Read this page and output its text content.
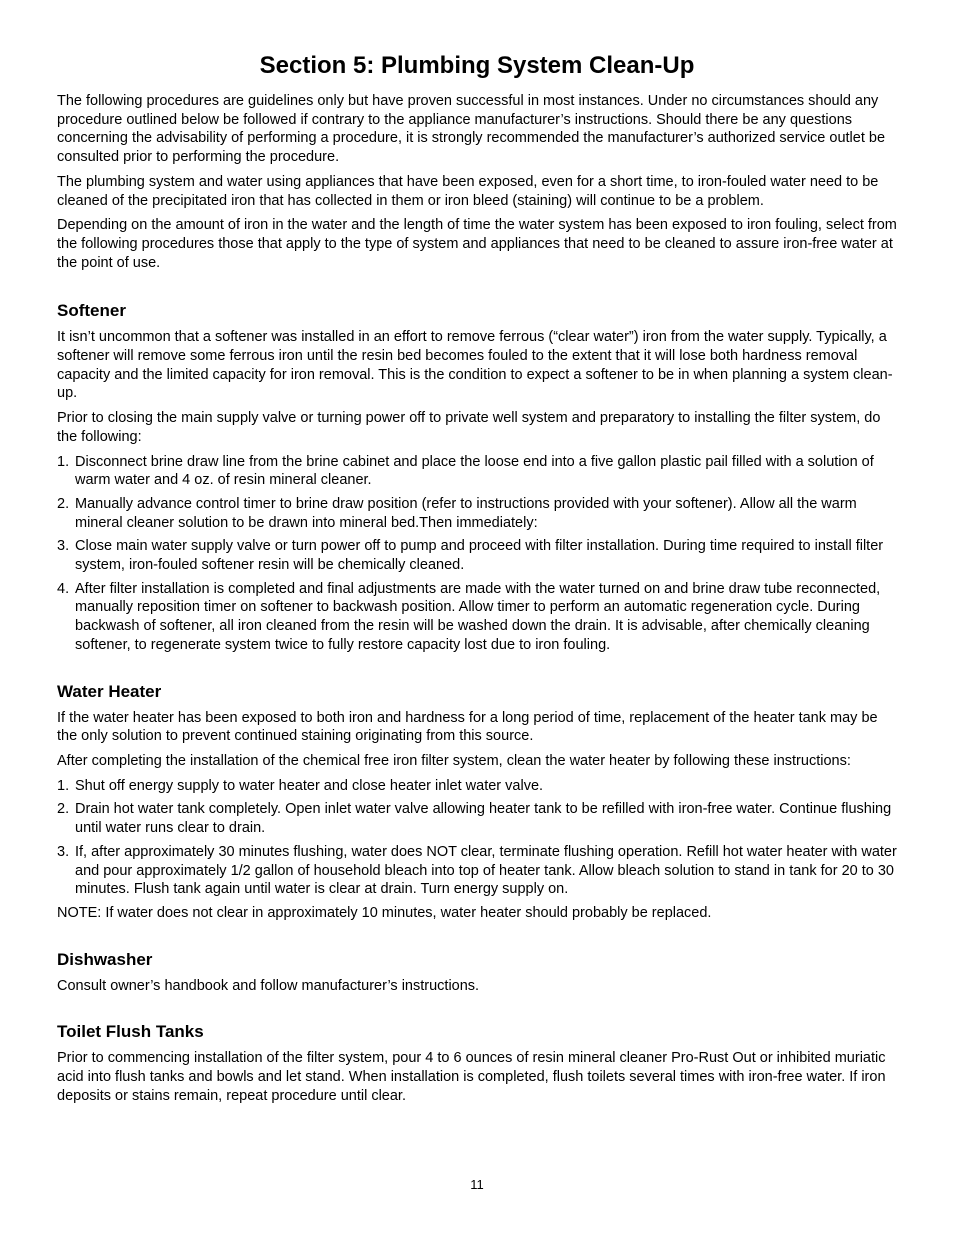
Section 5: Plumbing System Clean-Up

The following procedures are guidelines only but have proven successful in most instances. Under no circumstances should any procedure outlined below be followed if contrary to the appliance manufacturer’s instructions. Should there be any questions concerning the advisability of performing a procedure, it is strongly recommended the manufacturer’s authorized service outlet be consulted prior to performing the procedure.

The plumbing system and water using appliances that have been exposed, even for a short time, to iron-fouled water need to be cleaned of the precipitated iron that has collected in them or iron bleed (staining) will continue to be a problem.

Depending on the amount of iron in the water and the length of time the water system has been exposed to iron fouling, select from the following procedures those that apply to the type of system and appliances that need to be cleaned to assure iron-free water at the point of use.

Softener

It isn’t uncommon that a softener was installed in an effort to remove ferrous (“clear water”) iron from the water supply. Typically, a softener will remove some ferrous iron until the resin bed becomes fouled to the extent that it will lose both hardness removal capacity and the limited capacity for iron removal. This is the condition to expect a softener to be in when planning a system clean-up.

Prior to closing the main supply valve or turning power off to private well system and preparatory to installing the filter system, do the following:

1. Disconnect brine draw line from the brine cabinet and place the loose end into a five gallon plastic pail filled with a solution of warm water and 4 oz. of resin mineral cleaner.
2. Manually advance control timer to brine draw position (refer to instructions provided with your softener). Allow all the warm mineral cleaner solution to be drawn into mineral bed.Then immediately:
3. Close main water supply valve or turn power off to pump and proceed with filter installation. During time required to install filter system, iron-fouled softener resin will be chemically cleaned.
4. After filter installation is completed and final adjustments are made with the water turned on and brine draw tube reconnected, manually reposition timer on softener to backwash position. Allow timer to perform an automatic regeneration cycle. During backwash of softener, all iron cleaned from the resin will be washed down the drain. It is advisable, after chemically cleaning softener, to regenerate system twice to fully restore capacity lost due to iron fouling.
Water Heater

If the water heater has been exposed to both iron and hardness for a long period of time, replacement of the heater tank may be the only solution to prevent continued staining originating from this source.

After completing the installation of the chemical free iron filter system, clean the water heater by following these instructions:

1. Shut off energy supply to water heater and close heater inlet water valve.
2. Drain hot water tank completely. Open inlet water valve allowing heater tank to be refilled with iron-free water. Continue flushing until water runs clear to drain.
3. If, after approximately 30 minutes flushing, water does NOT clear, terminate flushing operation. Refill hot water heater with water and pour approximately 1/2 gallon of household bleach into top of heater tank. Allow bleach solution to stand in tank for 20 to 30 minutes. Flush tank again until water is clear at drain. Turn energy supply on.

NOTE: If water does not clear in approximately 10 minutes, water heater should probably be replaced.

Dishwasher

Consult owner’s handbook and follow manufacturer’s instructions.

Toilet Flush Tanks

Prior to commencing installation of the filter system, pour 4 to 6 ounces of resin mineral cleaner Pro-Rust Out or inhibited muriatic acid into flush tanks and bowls and let stand. When installation is completed, flush toilets several times with iron-free water. If iron deposits or stains remain, repeat procedure until clear.

11
